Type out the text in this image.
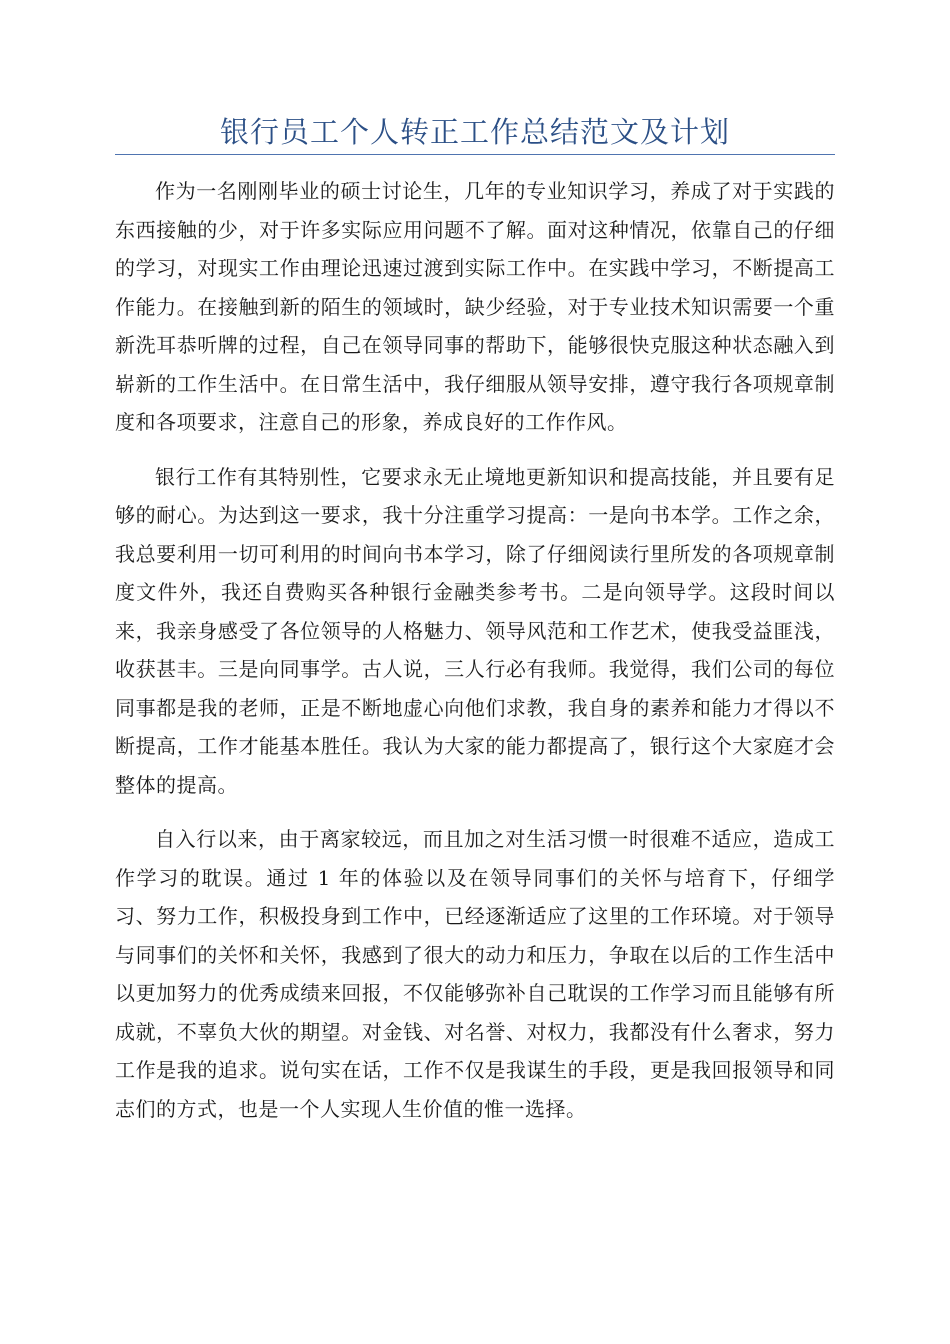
银行员工个人转正工作总结范文及计划

作为一名刚刚毕业的硕士讨论生，几年的专业知识学习，养成了对于实践的东西接触的少，对于许多实际应用问题不了解。面对这种情况，依靠自己的仔细的学习，对现实工作由理论迅速过渡到实际工作中。在实践中学习，不断提高工作能力。在接触到新的陌生的领域时，缺少经验，对于专业技术知识需要一个重新洗耳恭听牌的过程，自己在领导同事的帮助下，能够很快克服这种状态融入到崭新的工作生活中。在日常生活中，我仔细服从领导安排，遵守我行各项规章制度和各项要求，注意自己的形象，养成良好的工作作风。

银行工作有其特别性，它要求永无止境地更新知识和提高技能，并且要有足够的耐心。为达到这一要求，我十分注重学习提高：一是向书本学。工作之余，我总要利用一切可利用的时间向书本学习，除了仔细阅读行里所发的各项规章制度文件外，我还自费购买各种银行金融类参考书。二是向领导学。这段时间以来，我亲身感受了各位领导的人格魅力、领导风范和工作艺术，使我受益匪浅，收获甚丰。三是向同事学。古人说，三人行必有我师。我觉得，我们公司的每位同事都是我的老师，正是不断地虚心向他们求教，我自身的素养和能力才得以不断提高，工作才能基本胜任。我认为大家的能力都提高了，银行这个大家庭才会整体的提高。

自入行以来，由于离家较远，而且加之对生活习惯一时很难不适应，造成工作学习的耽误。通过 1 年的体验以及在领导同事们的关怀与培育下，仔细学习、努力工作，积极投身到工作中，已经逐渐适应了这里的工作环境。对于领导与同事们的关怀和关怀，我感到了很大的动力和压力，争取在以后的工作生活中以更加努力的优秀成绩来回报，不仅能够弥补自己耽误的工作学习而且能够有所成就，不辜负大伙的期望。对金钱、对名誉、对权力，我都没有什么奢求，努力工作是我的追求。说句实在话，工作不仅是我谋生的手段，更是我回报领导和同志们的方式，也是一个人实现人生价值的惟一选择。
